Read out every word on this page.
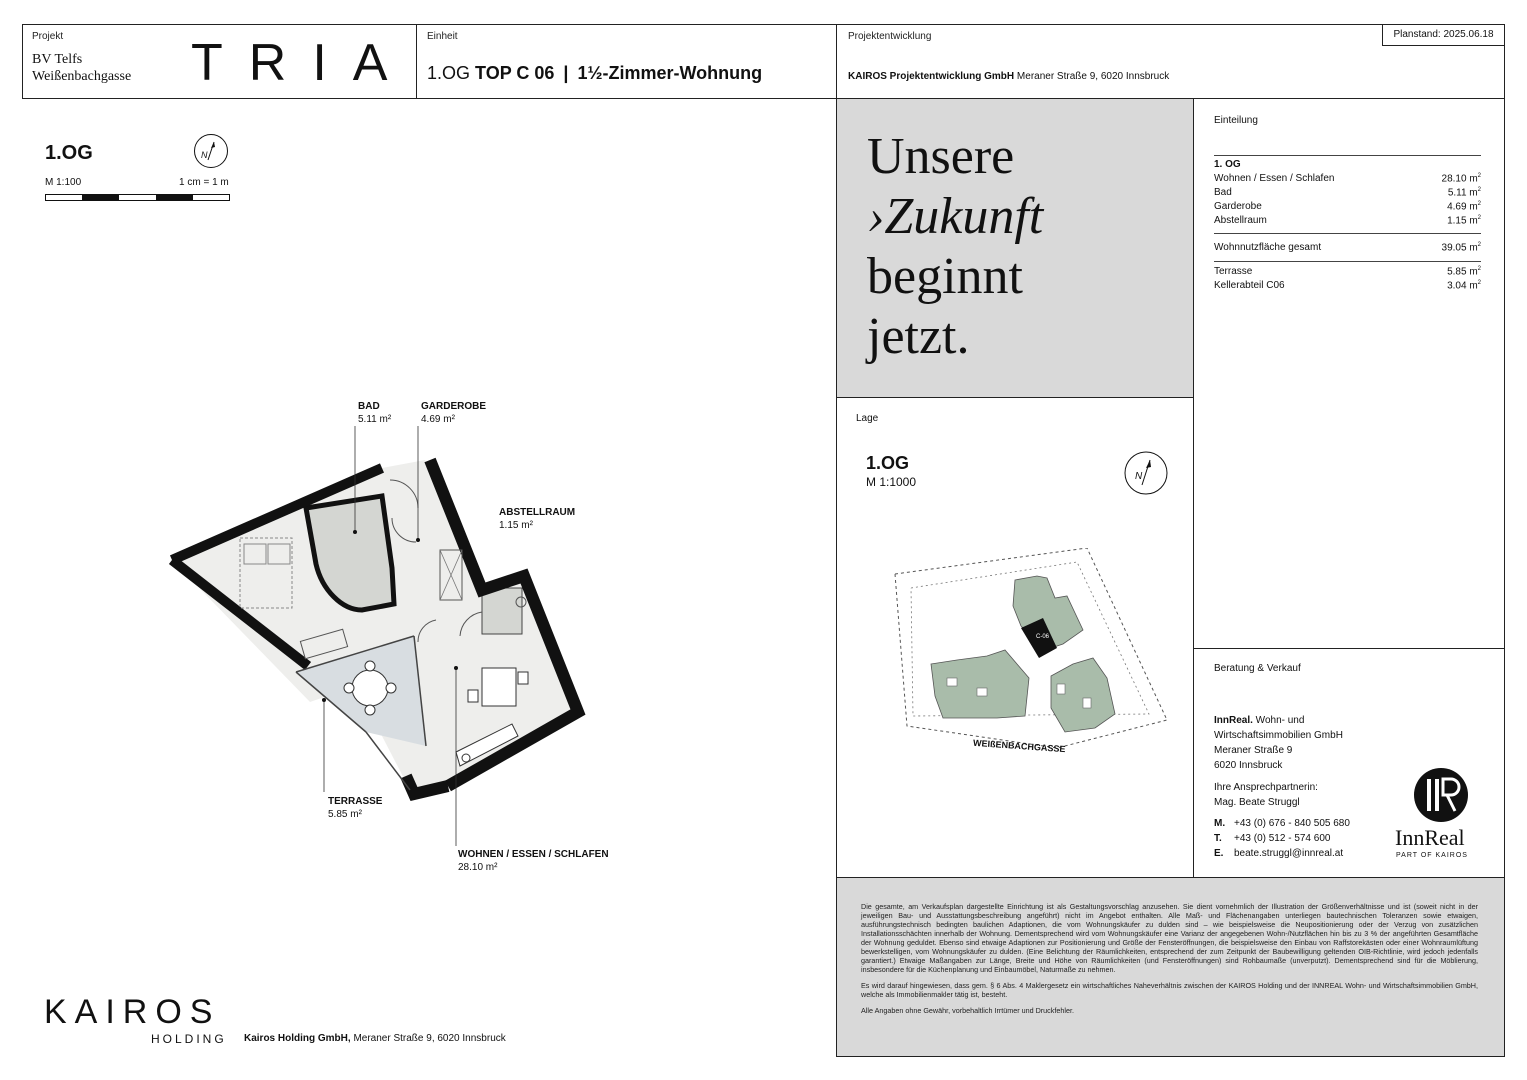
Projekt
BV Telfs
Weißenbachgasse TRIA Einheit
1.OG TOP C 06 | 1½-Zimmer-Wohnung
Projektentwicklung
KAIROS Projektentwicklung GmbH Meraner Straße 9, 6020 Innsbruck
Planstand: 2025.06.18
1.OG
M 1:100	1 cm = 1 m
N
BAD
5.11 m²
GARDEROBE
4.69 m²
ABSTELLRAUM
1.15 m²
TERRASSE
5.85 m²
WOHNEN / ESSEN / SCHLAFEN
28.10 m²
KAIROS
HOLDING Kairos Holding GmbH, Meraner Straße 9, 6020 Innsbruck
Unsere
›Zukunft
beginnt
jetzt.
Einteilung
1. OG
Wohnen / Essen / Schlafen	28.10 $m^2$
Bad	5.11 $m^2$
Garderobe	4.69 $m^2$
Abstellraum	1.15 $m^2$
Wohnnutzfläche gesamt	39.05 $m^2$
Terrasse	5.85 $m^2$
Kellerabteil C06	3.04 $m^2$
Lage
1.OG
M 1:1000	N
C-06
WEIßENBACHGASSE
Beratung & Verkauf
InnReal. Wohn- und
Wirtschaftsimmobilien GmbH
Meraner Straße 9
6020 Innsbruck
Ihre Ansprechpartnerin:
Mag. Beate Struggl
M. +43 (0) 676 - 840 505 680
T. +43 (0) 512 - 574 600
E. beate.struggl@innreal.at
InnReal
PART OF KAIROS

Die gesamte, am Verkaufsplan dargestellte Einrichtung ist als Gestaltungsvorschlag anzusehen. Sie dient vornehmlich der Illustration der Größenverhältnisse und ist (soweit nicht in der jeweiligen Bau- und Ausstattungsbeschreibung angeführt) nicht im Angebot enthalten. Alle Maß- und Flächenangaben unterliegen bautechnischen Toleranzen sowie etwaigen, ausführungstechnisch bedingten baulichen Adaptionen, die vom Wohnungskäufer zu dulden sind – wie beispielsweise die Neupositionierung oder der Verzug von zusätzlichen Installationsschächten innerhalb der Wohnung. Dementsprechend wird vom Wohnungskäufer eine Varianz der angegebenen Wohn-/Nutzflächen hin bis zu 3 % der angeführten Gesamtfläche der Wohnung geduldet. Ebenso sind etwaige Adaptionen zur Positionierung und Größe der Fensteröffnungen, die beispielsweise den Einbau von Raffstorekästen oder einer Wohnraumlüftung bewerkstelligen, vom Wohnungskäufer zu dulden. (Eine Belichtung der Räumlichkeiten, entsprechend der zum Zeitpunkt der Baubewilligung geltenden OIB-Richtlinie, wird jedoch jedenfalls garantiert.) Etwaige Maßangaben zur Länge, Breite und Höhe von Räumlichkeiten (und Fensteröffnungen) sind Rohbaumaße (unverputzt). Dementsprechend sind für die Möblierung, insbesondere für die Küchenplanung und Einbaumöbel, Naturmaße zu nehmen.

Es wird darauf hingewiesen, dass gem. § 6 Abs. 4 Maklergesetz ein wirtschaftliches Naheverhältnis zwischen der KAIROS Holding und der INNREAL Wohn- und Wirtschaftsimmobilien GmbH, welche als Immobilienmakler tätig ist, besteht.

Alle Angaben ohne Gewähr, vorbehaltlich Irrtümer und Druckfehler.
